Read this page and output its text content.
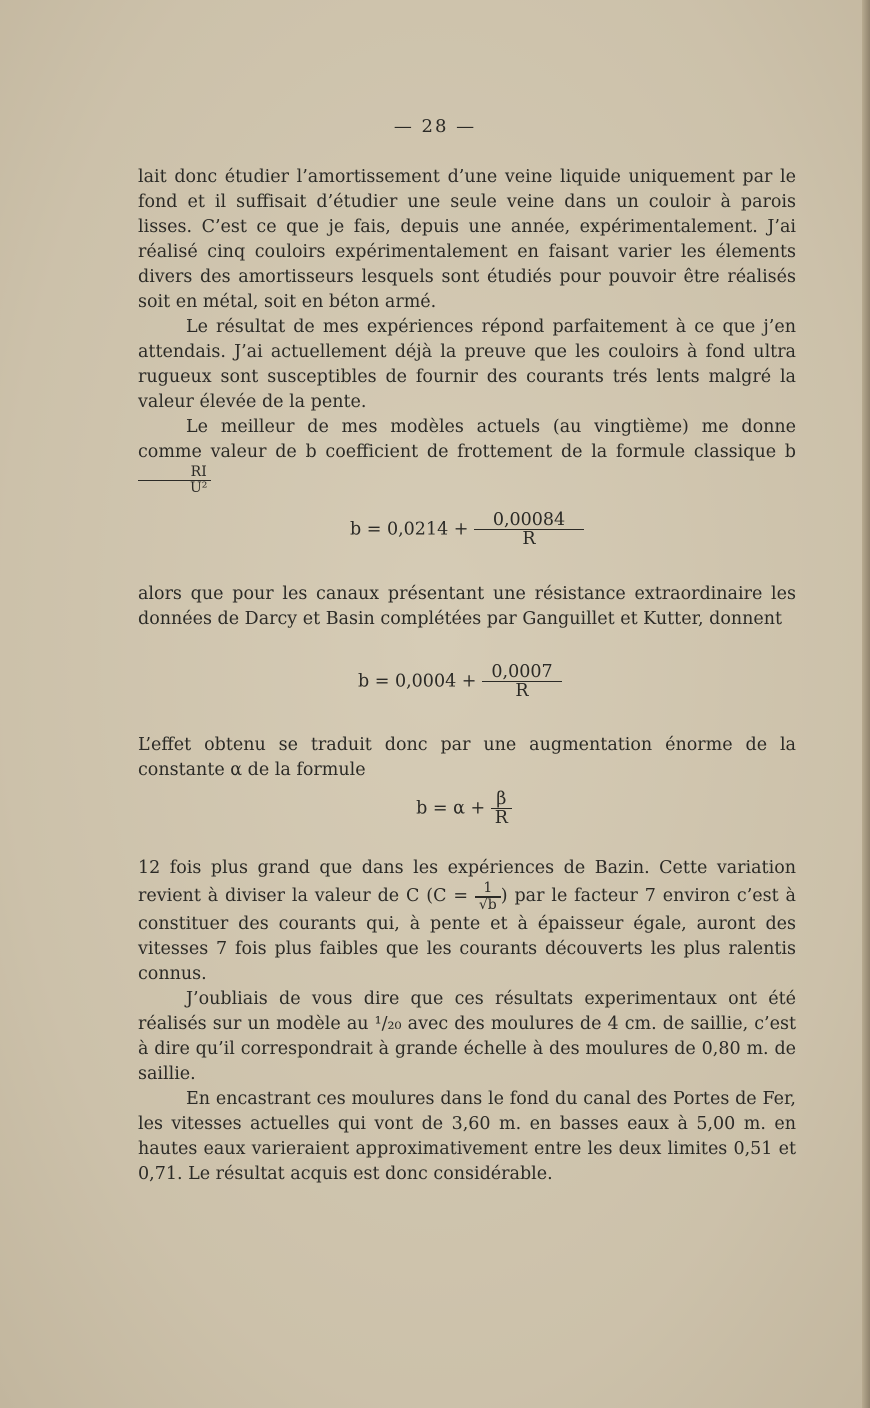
— 28 —
lait donc étudier l’amortissement d’une veine liquide uniquement par le fond et il suffisait d’étudier une seule veine dans un couloir à parois lisses. C’est ce que je fais, depuis une année, expérimentalement. J’ai réalisé cinq couloirs expérimentalement en faisant varier les élements divers des amortisseurs lesquels sont étudiés pour pouvoir être réalisés soit en métal, soit en béton armé.
Le résultat de mes expériences répond parfaitement à ce que j’en attendais. J’ai actuellement déjà la preuve que les couloirs à fond ultra rugueux sont susceptibles de fournir des courants trés lents malgré la valeur élevée de la pente.
Le meilleur de mes modèles actuels (au vingtième) me donne comme valeur de b coefficient de frottement de la formule classique b
$\frac{RI}{\text{U²}}$
$b = 0,0214 + \frac{0,00084}{R}$
alors que pour les canaux présentant une résistance extraordinaire les données de Darcy et Basin complétées par Ganguillet et Kutter, donnent
$b = 0,0004 + \frac{0,0007}{R}$
L’effet obtenu se traduit donc par une augmentation énorme de la constante α de la formule
$b = \alpha + \frac{\beta}{R}$
12 fois plus grand que dans les expériences de Bazin. Cette variation revient à diviser la valeur de C ($C = \frac{1}{√b}$ ) par le facteur 7 environ c’est à constituer des courants qui, à pente et à épaisseur égale, auront des vitesses 7 fois plus faibles que les courants découverts les plus ralentis connus.
J’oubliais de vous dire que ces résultats experimentaux ont été réalisés sur un modèle au ¹/₂₀ avec des moulures de 4 cm. de saillie, c’est à dire qu’il correspondrait à grande échelle à des moulures de 0,80 m. de saillie.
En encastrant ces moulures dans le fond du canal des Portes de Fer, les vitesses actuelles qui vont de 3,60 m. en basses eaux à 5,00 m. en hautes eaux varieraient approximativement entre les deux limites 0,51 et 0,71. Le résultat acquis est donc considérable.
